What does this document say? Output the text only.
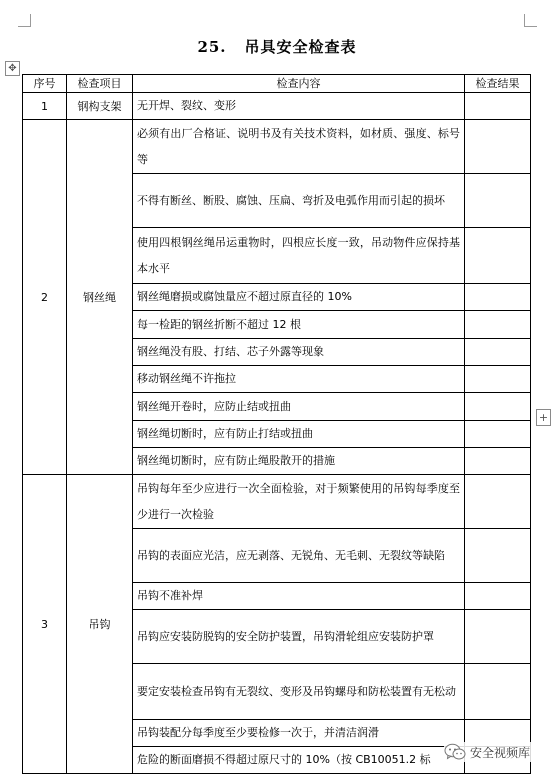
25. 吊具安全检查表
✥
+
序号	检查项目	检查内容	检查结果
1	钢构支架	无开焊、裂纹、变形	
2	钢丝绳	必须有出厂合格证、说明书及有关技术资料，如材质、强度、标号等	
		不得有断丝、断股、腐蚀、压扁、弯折及电弧作用而引起的损坏	
		使用四根钢丝绳吊运重物时，四根应长度一致，吊动物件应保持基本水平	
		钢丝绳磨损或腐蚀量应不超过原直径的 10%	
		每一检距的钢丝折断不超过 12 根	
		钢丝绳没有股、打结、芯子外露等现象	
		移动钢丝绳不许拖拉	
		钢丝绳开卷时，应防止结或扭曲	
		钢丝绳切断时，应有防止打结或扭曲	
		钢丝绳切断时，应有防止绳股散开的措施	
3	吊钩	吊钩每年至少应进行一次全面检验，对于频繁使用的吊钩每季度至少进行一次检验	
		吊钩的表面应光洁，应无剥落、无锐角、无毛刺、无裂纹等缺陷	
		吊钩不准补焊	
		吊钩应安装防脱钩的安全防护装置，吊钩滑轮组应安装防护罩	
		要定安装检查吊钩有无裂纹、变形及吊钩螺母和防松装置有无松动	
		吊钩装配分每季度至少要检修一次于，并清洁润滑	
		危险的断面磨损不得超过原尺寸的 10%（按 CB10051.2 标		安全视频库
